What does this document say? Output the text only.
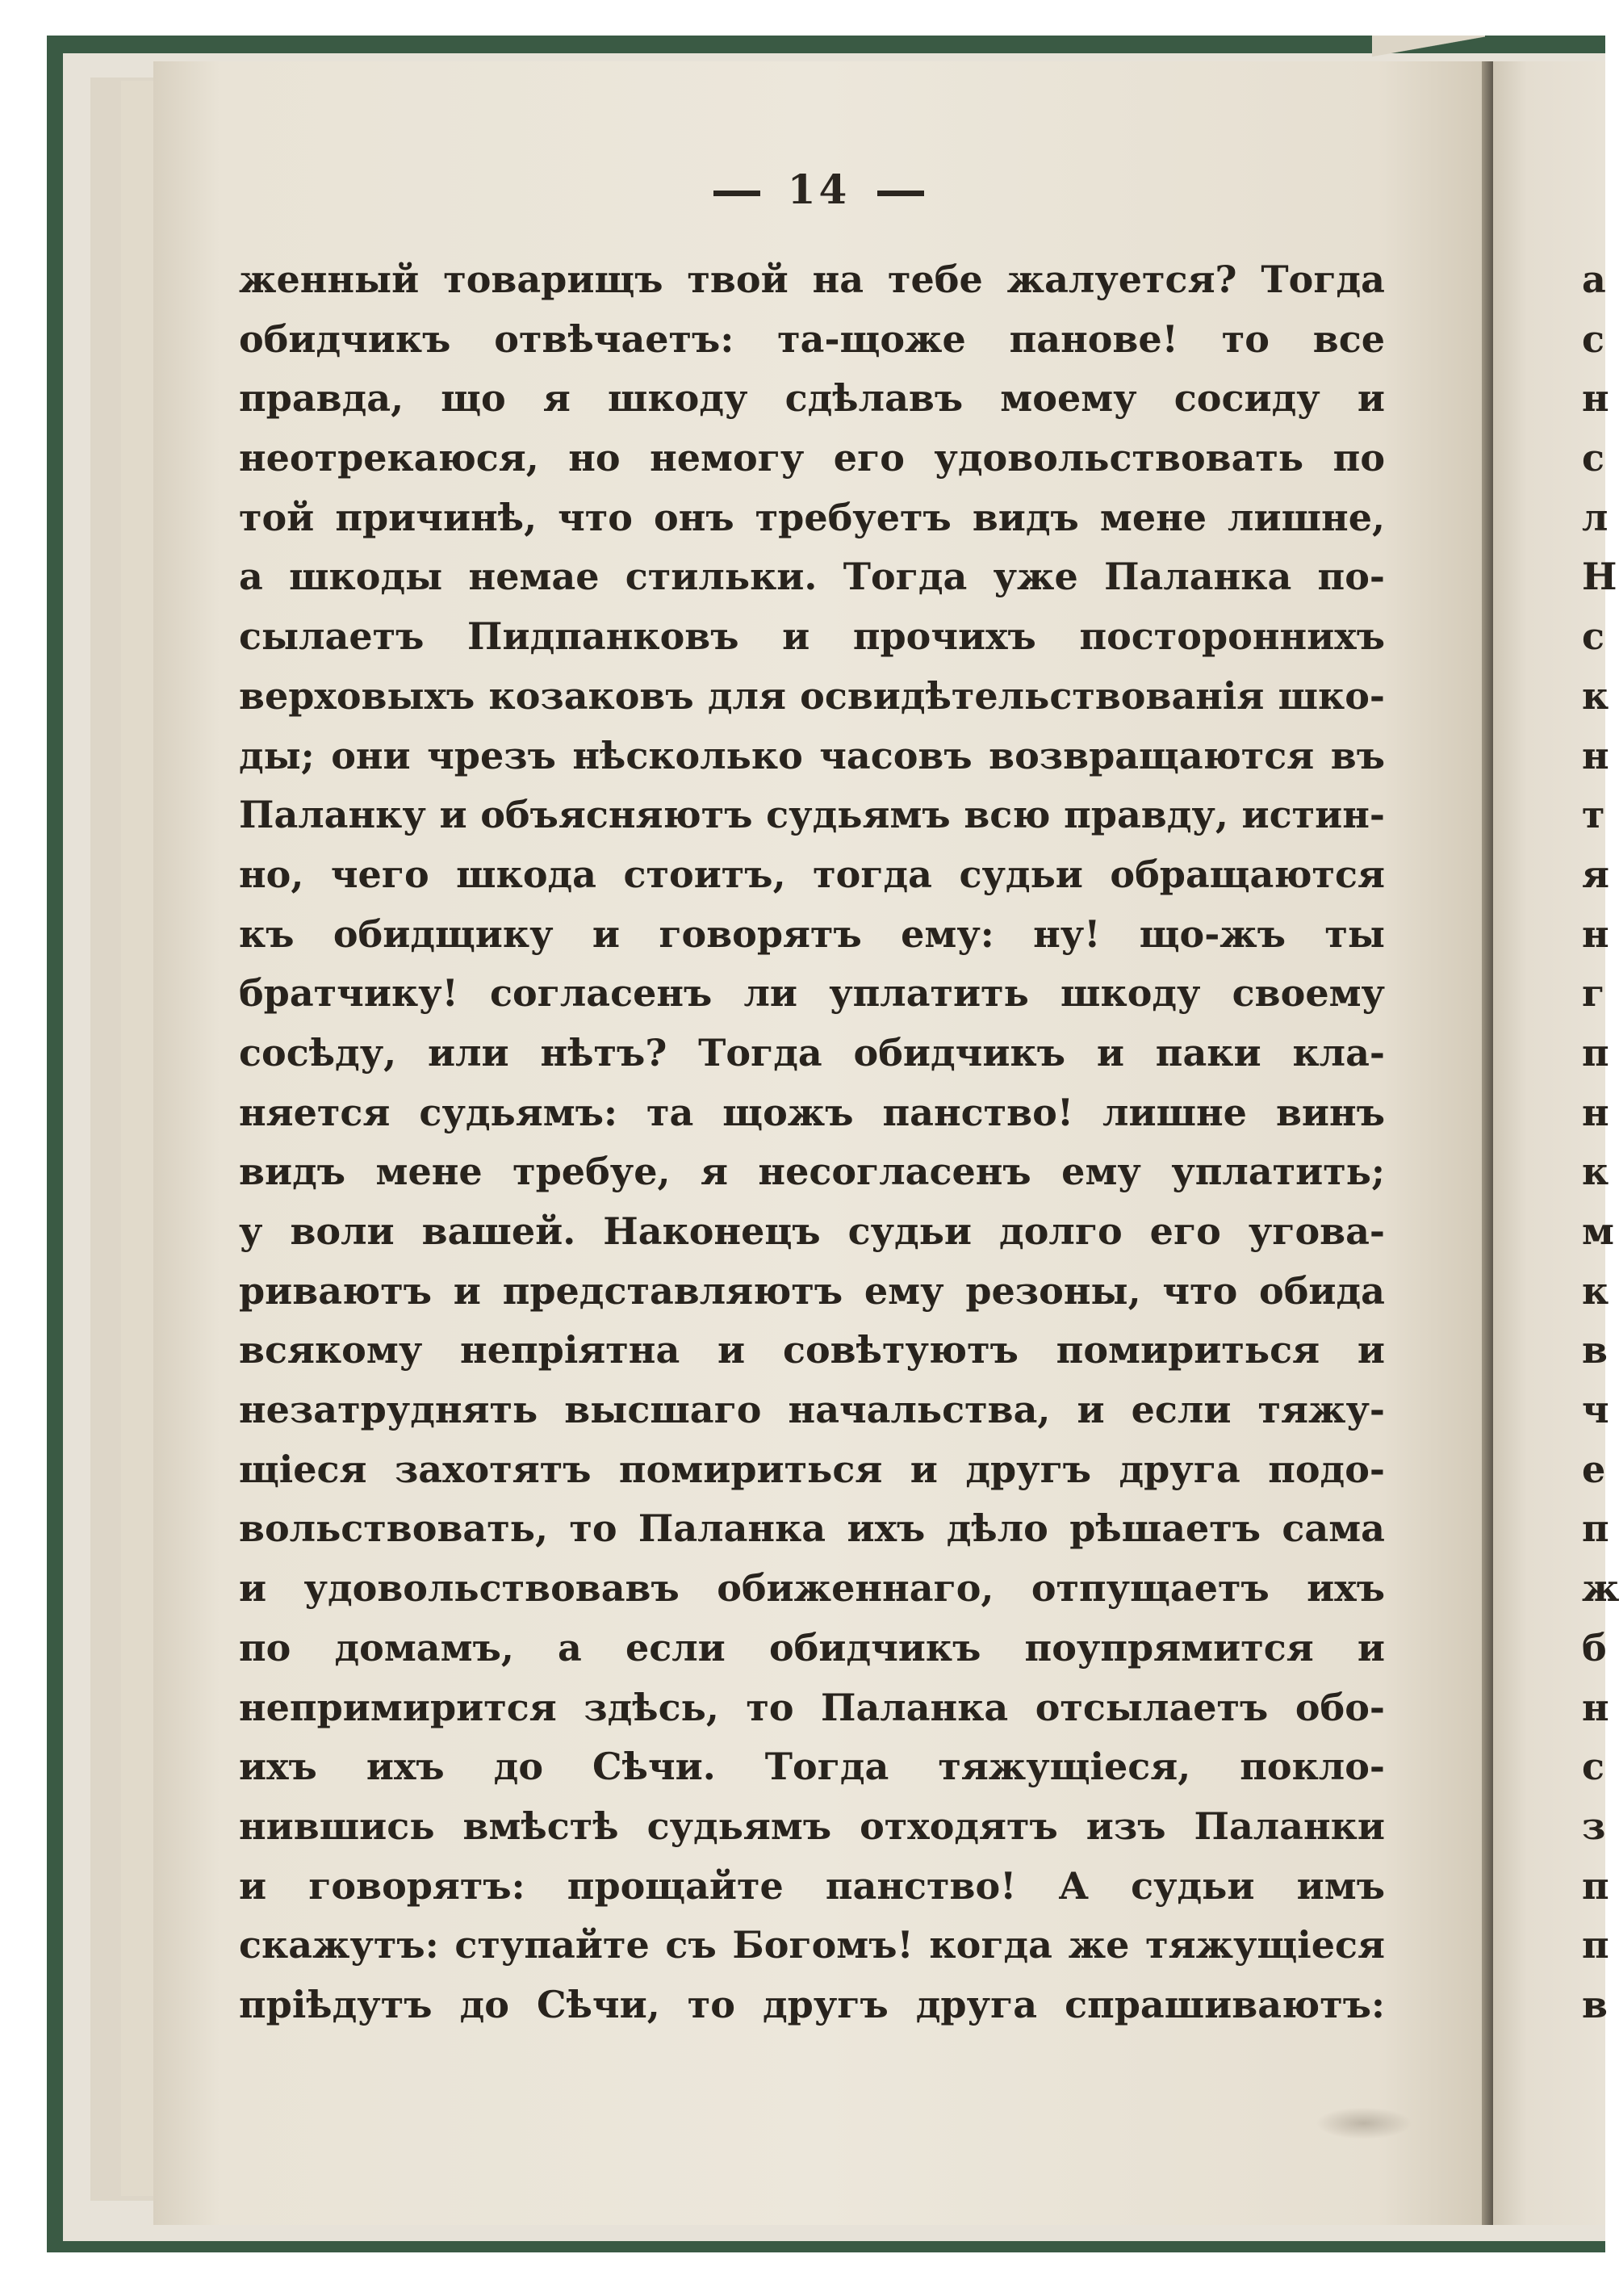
14
женный товарищъ твой на тебе жалуется? Тогда
обидчикъ отвѣчаетъ: та-щоже панове! то все
правда, що я шкоду сдѣлавъ моему сосиду и
неотрекаюся, но немогу его удовольствовать по
той причинѣ, что онъ требуетъ видъ мене лишне,
а шкоды немае стильки. Тогда уже Паланка по-
сылаетъ Пидпанковъ и прочихъ постороннихъ
верховыхъ козаковъ для освидѣтельствованія шко-
ды; они чрезъ нѣсколько часовъ возвращаются въ
Паланку и объясняютъ судьямъ всю правду, истин-
но, чего шкода стоитъ, тогда судьи обращаются
къ обидщику и говорятъ ему: ну! що-жъ ты
братчику! согласенъ ли уплатить шкоду своему
сосѣду, или нѣтъ? Тогда обидчикъ и паки кла-
няется судьямъ: та щожъ панство! лишне винъ
видъ мене требуе, я несогласенъ ему уплатить;
у воли вашей. Наконецъ судьи долго его угова-
риваютъ и представляютъ ему резоны, что обида
всякому непріятна и совѣтуютъ помириться и
незатруднять высшаго начальства, и если тяжу-
щіеся захотятъ помириться и другъ друга подо-
вольствовать, то Паланка ихъ дѣло рѣшаетъ сама
и удовольствовавъ обиженнаго, отпущаетъ ихъ
по домамъ, а если обидчикъ поупрямится и
непримирится здѣсь, то Паланка отсылаетъ обо-
ихъ ихъ до Сѣчи. Тогда тяжущіеся, покло-
нившись вмѣстѣ судьямъ отходятъ изъ Паланки
и говорятъ: прощайте панство! А судьи имъ
скажутъ: ступайте съ Богомъ! когда же тяжущіеся
пріѣдутъ до Сѣчи, то другъ друга спрашиваютъ:
а
с
н
с
л
Н
с
к
н
т
я
н
г
п
н
к
м
к
в
ч
е
п
ж
б
н
с
з
п
п
в
